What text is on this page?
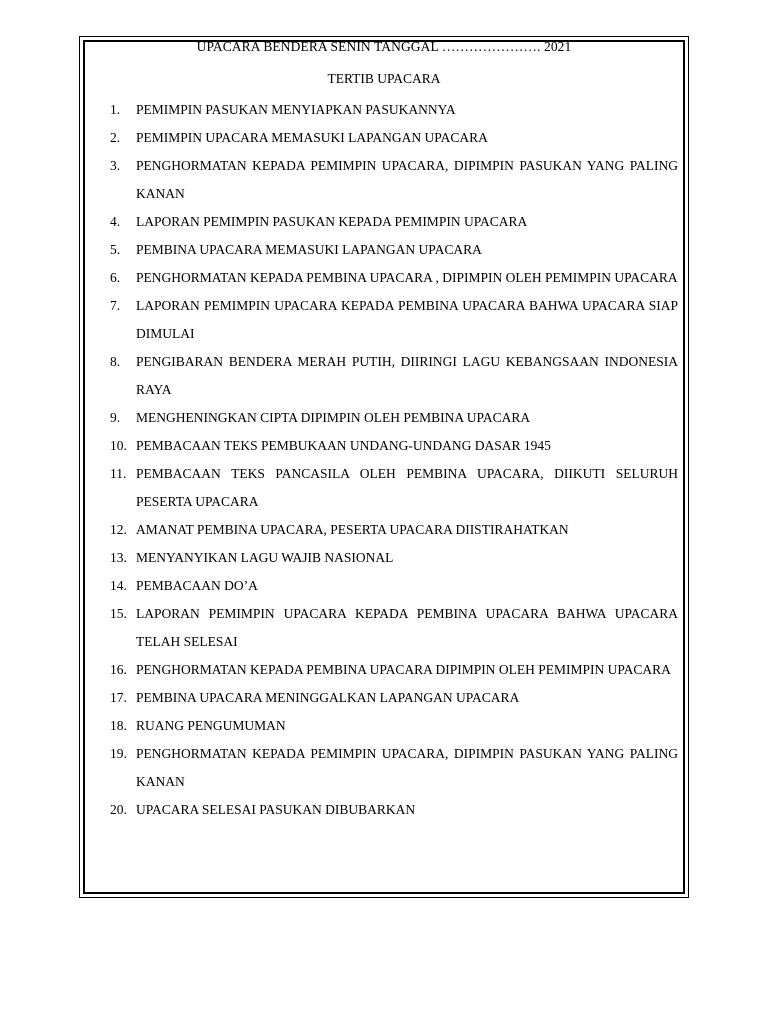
UPACARA BENDERA SENIN TANGGAL …………………. 2021
TERTIB UPACARA
1.	PEMIMPIN PASUKAN MENYIAPKAN PASUKANNYA
2.	PEMIMPIN UPACARA MEMASUKI LAPANGAN UPACARA
3.	PENGHORMATAN KEPADA PEMIMPIN UPACARA, DIPIMPIN PASUKAN YANG PALING KANAN
4.	LAPORAN PEMIMPIN PASUKAN KEPADA PEMIMPIN UPACARA
5.	PEMBINA UPACARA MEMASUKI LAPANGAN UPACARA
6.	PENGHORMATAN KEPADA PEMBINA UPACARA , DIPIMPIN OLEH PEMIMPIN UPACARA
7.	LAPORAN PEMIMPIN UPACARA KEPADA PEMBINA UPACARA BAHWA UPACARA SIAP DIMULAI
8.	PENGIBARAN BENDERA MERAH PUTIH, DIIRINGI LAGU KEBANGSAAN INDONESIA RAYA
9.	MENGHENINGKAN CIPTA DIPIMPIN OLEH PEMBINA UPACARA
10. PEMBACAAN TEKS PEMBUKAAN UNDANG-UNDANG DASAR 1945
11. PEMBACAAN TEKS PANCASILA OLEH PEMBINA UPACARA, DIIKUTI SELURUH PESERTA UPACARA
12. AMANAT PEMBINA UPACARA, PESERTA UPACARA DIISTIRAHATKAN
13. MENYANYIKAN LAGU WAJIB NASIONAL
14. PEMBACAAN DO’A
15. LAPORAN PEMIMPIN UPACARA KEPADA PEMBINA UPACARA BAHWA UPACARA TELAH SELESAI
16. PENGHORMATAN KEPADA PEMBINA UPACARA DIPIMPIN OLEH PEMIMPIN UPACARA
17. PEMBINA UPACARA MENINGGALKAN LAPANGAN UPACARA
18. RUANG PENGUMUMAN
19. PENGHORMATAN KEPADA PEMIMPIN UPACARA, DIPIMPIN PASUKAN YANG PALING KANAN
20. UPACARA SELESAI PASUKAN DIBUBARKAN
